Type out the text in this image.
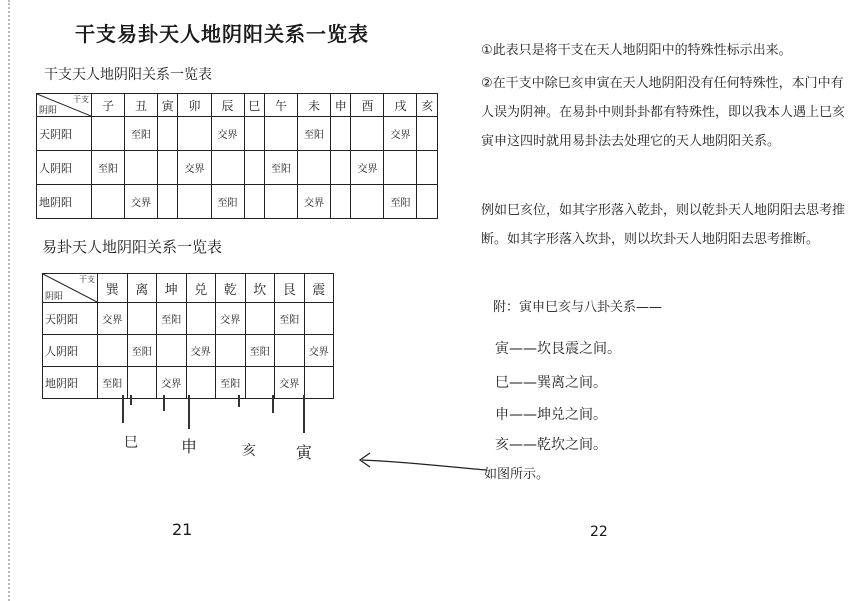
干支易卦天人地阴阳关系一览表
干支天人地阴阳关系一览表
干支
阴阳	子	丑	寅	卯	辰	巳	午	未	申	酉	戌	亥
天阴阳		至阳			交界			至阳			交界	
人阴阳	至阳			交界			至阳			交界		
地阴阳		交界			至阳			交界			至阳	
易卦天人地阴阳关系一览表
干支
阴阳	巽	离	坤	兑	乾	坎	艮	震
天阴阳	交界		至阳		交界		至阳	
人阴阳		至阳		交界		至阳		交界
地阴阳	至阳		交界		至阳		交界	
巳	申	亥	寅
①此表只是将干支在天人地阴阳中的特殊性标示出来。
②在干支中除巳亥申寅在天人地阴阳没有任何特殊性，本门中有人误为阴神。在易卦中则卦卦都有特殊性，即以我本人遇上巳亥寅申这四时就用易卦法去处理它的天人地阴阳关系。
例如巳亥位，如其字形落入乾卦，则以乾卦天人地阴阳去思考推断。如其字形落入坎卦，则以坎卦天人地阴阳去思考推断。
附：寅申巳亥与八卦关系——
寅——坎艮震之间。
巳——巽离之间。
申——坤兑之间。
亥——乾坎之间。
如图所示。
21	22
